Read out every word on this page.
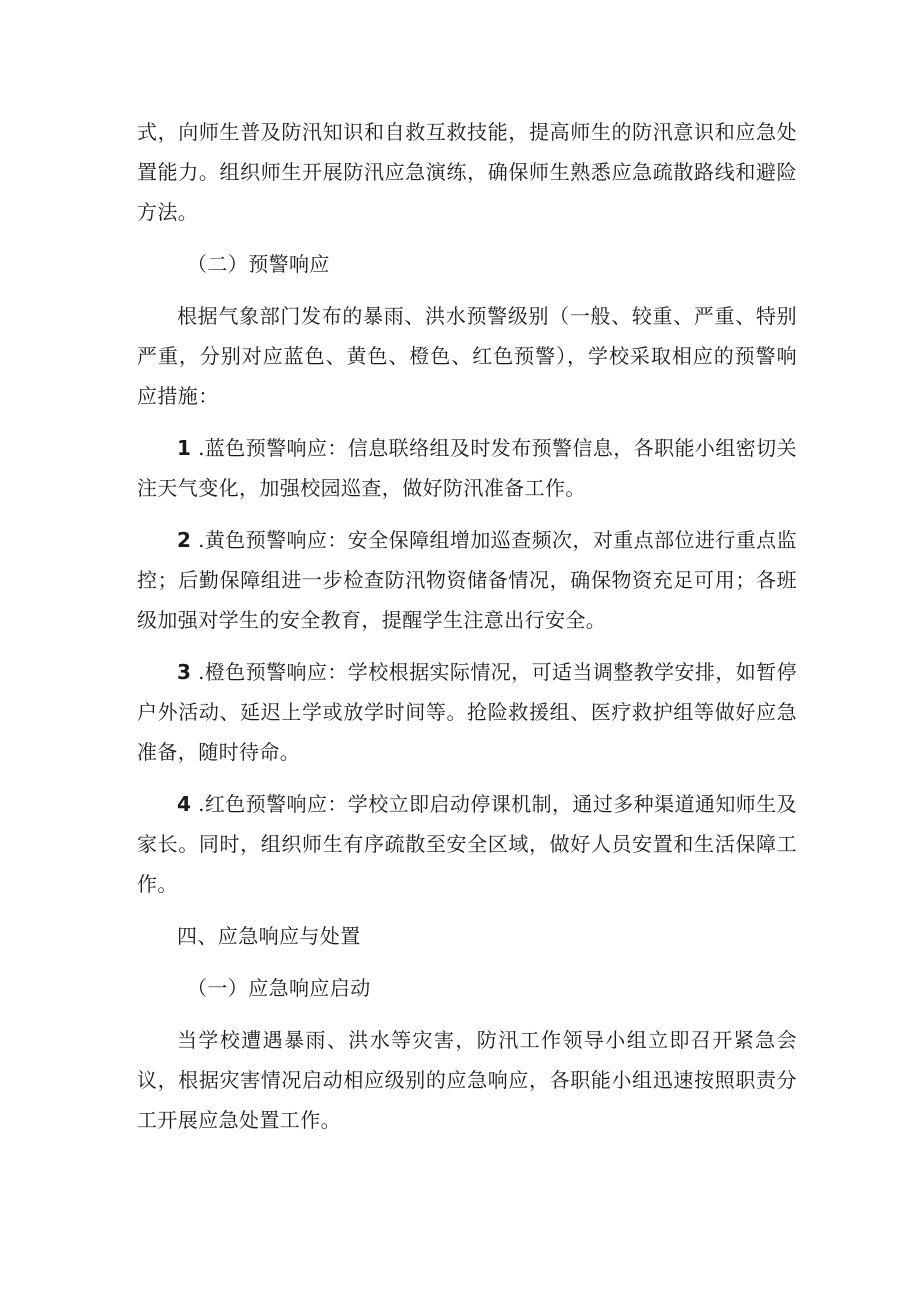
式，向师生普及防汛知识和自救互救技能，提高师生的防汛意识和应急处置能力。组织师生开展防汛应急演练，确保师生熟悉应急疏散路线和避险方法。

（二）预警响应

根据气象部门发布的暴雨、洪水预警级别（一般、较重、严重、特别严重，分别对应蓝色、黄色、橙色、红色预警），学校采取相应的预警响应措施：

1 .蓝色预警响应：信息联络组及时发布预警信息，各职能小组密切关注天气变化，加强校园巡查，做好防汛准备工作。

2 .黄色预警响应：安全保障组增加巡查频次，对重点部位进行重点监控；后勤保障组进一步检查防汛物资储备情况，确保物资充足可用；各班级加强对学生的安全教育，提醒学生注意出行安全。

3 .橙色预警响应：学校根据实际情况，可适当调整教学安排，如暂停户外活动、延迟上学或放学时间等。抢险救援组、医疗救护组等做好应急准备，随时待命。

4 .红色预警响应：学校立即启动停课机制，通过多种渠道通知师生及家长。同时，组织师生有序疏散至安全区域，做好人员安置和生活保障工作。

四、应急响应与处置

（一）应急响应启动

当学校遭遇暴雨、洪水等灾害，防汛工作领导小组立即召开紧急会议，根据灾害情况启动相应级别的应急响应，各职能小组迅速按照职责分工开展应急处置工作。
